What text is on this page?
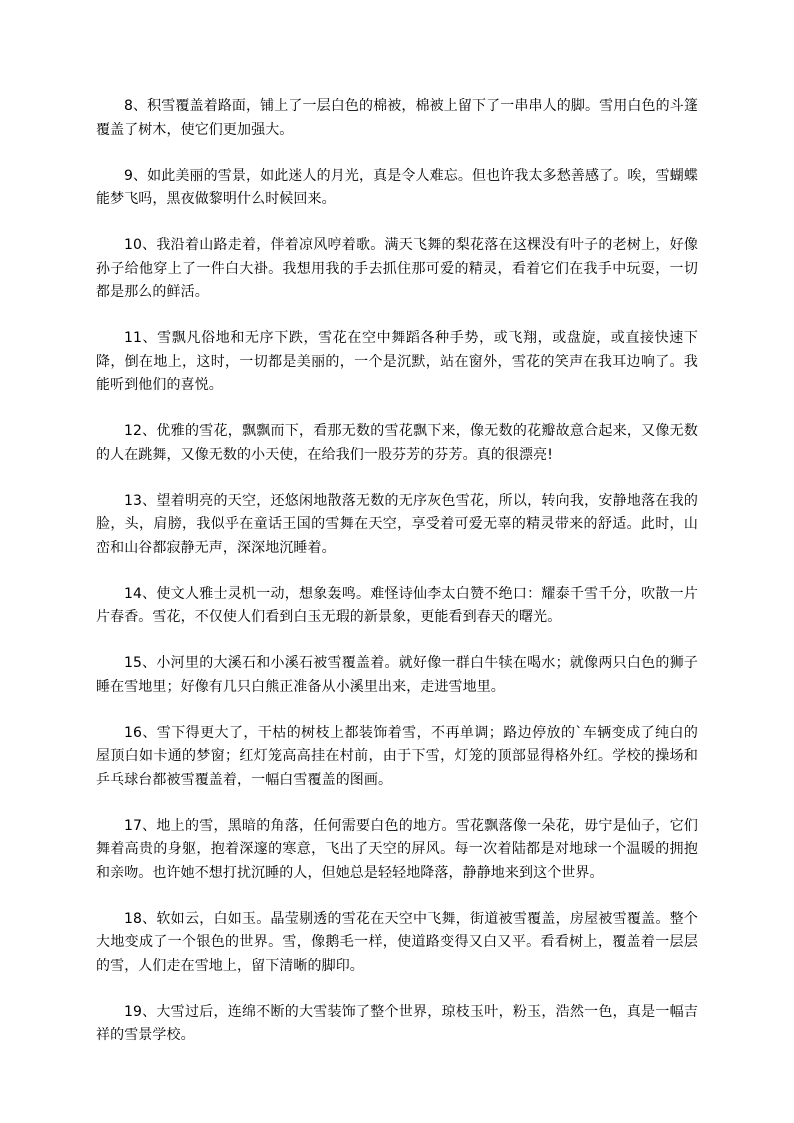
8、积雪覆盖着路面，铺上了一层白色的棉被，棉被上留下了一串串人的脚。雪用白色的斗篷覆盖了树木，使它们更加强大。

9、如此美丽的雪景，如此迷人的月光，真是令人难忘。但也许我太多愁善感了。唉，雪蝴蝶能梦飞吗，黑夜做黎明什么时候回来。

10、我沿着山路走着，伴着凉风哼着歌。满天飞舞的梨花落在这棵没有叶子的老树上，好像孙子给他穿上了一件白大褂。我想用我的手去抓住那可爱的精灵，看着它们在我手中玩耍，一切都是那么的鲜活。

11、雪飘凡俗地和无序下跌，雪花在空中舞蹈各种手势，或飞翔，或盘旋，或直接快速下降，倒在地上，这时，一切都是美丽的，一个是沉默，站在窗外，雪花的笑声在我耳边响了。我能听到他们的喜悦。

12、优雅的雪花，飘飘而下，看那无数的雪花飘下来，像无数的花瓣故意合起来，又像无数的人在跳舞，又像无数的小天使，在给我们一股芬芳的芬芳。真的很漂亮!

13、望着明亮的天空，还悠闲地散落无数的无序灰色雪花，所以，转向我，安静地落在我的脸，头，肩膀，我似乎在童话王国的雪舞在天空，享受着可爱无辜的精灵带来的舒适。此时，山峦和山谷都寂静无声，深深地沉睡着。

14、使文人雅士灵机一动，想象轰鸣。难怪诗仙李太白赞不绝口：耀泰千雪千分，吹散一片片春香。雪花，不仅使人们看到白玉无瑕的新景象，更能看到春天的曙光。

15、小河里的大溪石和小溪石被雪覆盖着。就好像一群白牛犊在喝水；就像两只白色的狮子睡在雪地里；好像有几只白熊正准备从小溪里出来，走进雪地里。

16、雪下得更大了，干枯的树枝上都装饰着雪，不再单调；路边停放的`车辆变成了纯白的屋顶白如卡通的梦窗；红灯笼高高挂在村前，由于下雪，灯笼的顶部显得格外红。学校的操场和乒乓球台都被雪覆盖着，一幅白雪覆盖的图画。

17、地上的雪，黑暗的角落，任何需要白色的地方。雪花飘落像一朵花，毋宁是仙子，它们舞着高贵的身躯，抱着深邃的寒意，飞出了天空的屏风。每一次着陆都是对地球一个温暖的拥抱和亲吻。也许她不想打扰沉睡的人，但她总是轻轻地降落，静静地来到这个世界。

18、软如云，白如玉。晶莹剔透的雪花在天空中飞舞，街道被雪覆盖，房屋被雪覆盖。整个大地变成了一个银色的世界。雪，像鹅毛一样，使道路变得又白又平。看看树上，覆盖着一层层的雪，人们走在雪地上，留下清晰的脚印。

19、大雪过后，连绵不断的大雪装饰了整个世界，琼枝玉叶，粉玉，浩然一色，真是一幅吉祥的雪景学校。
